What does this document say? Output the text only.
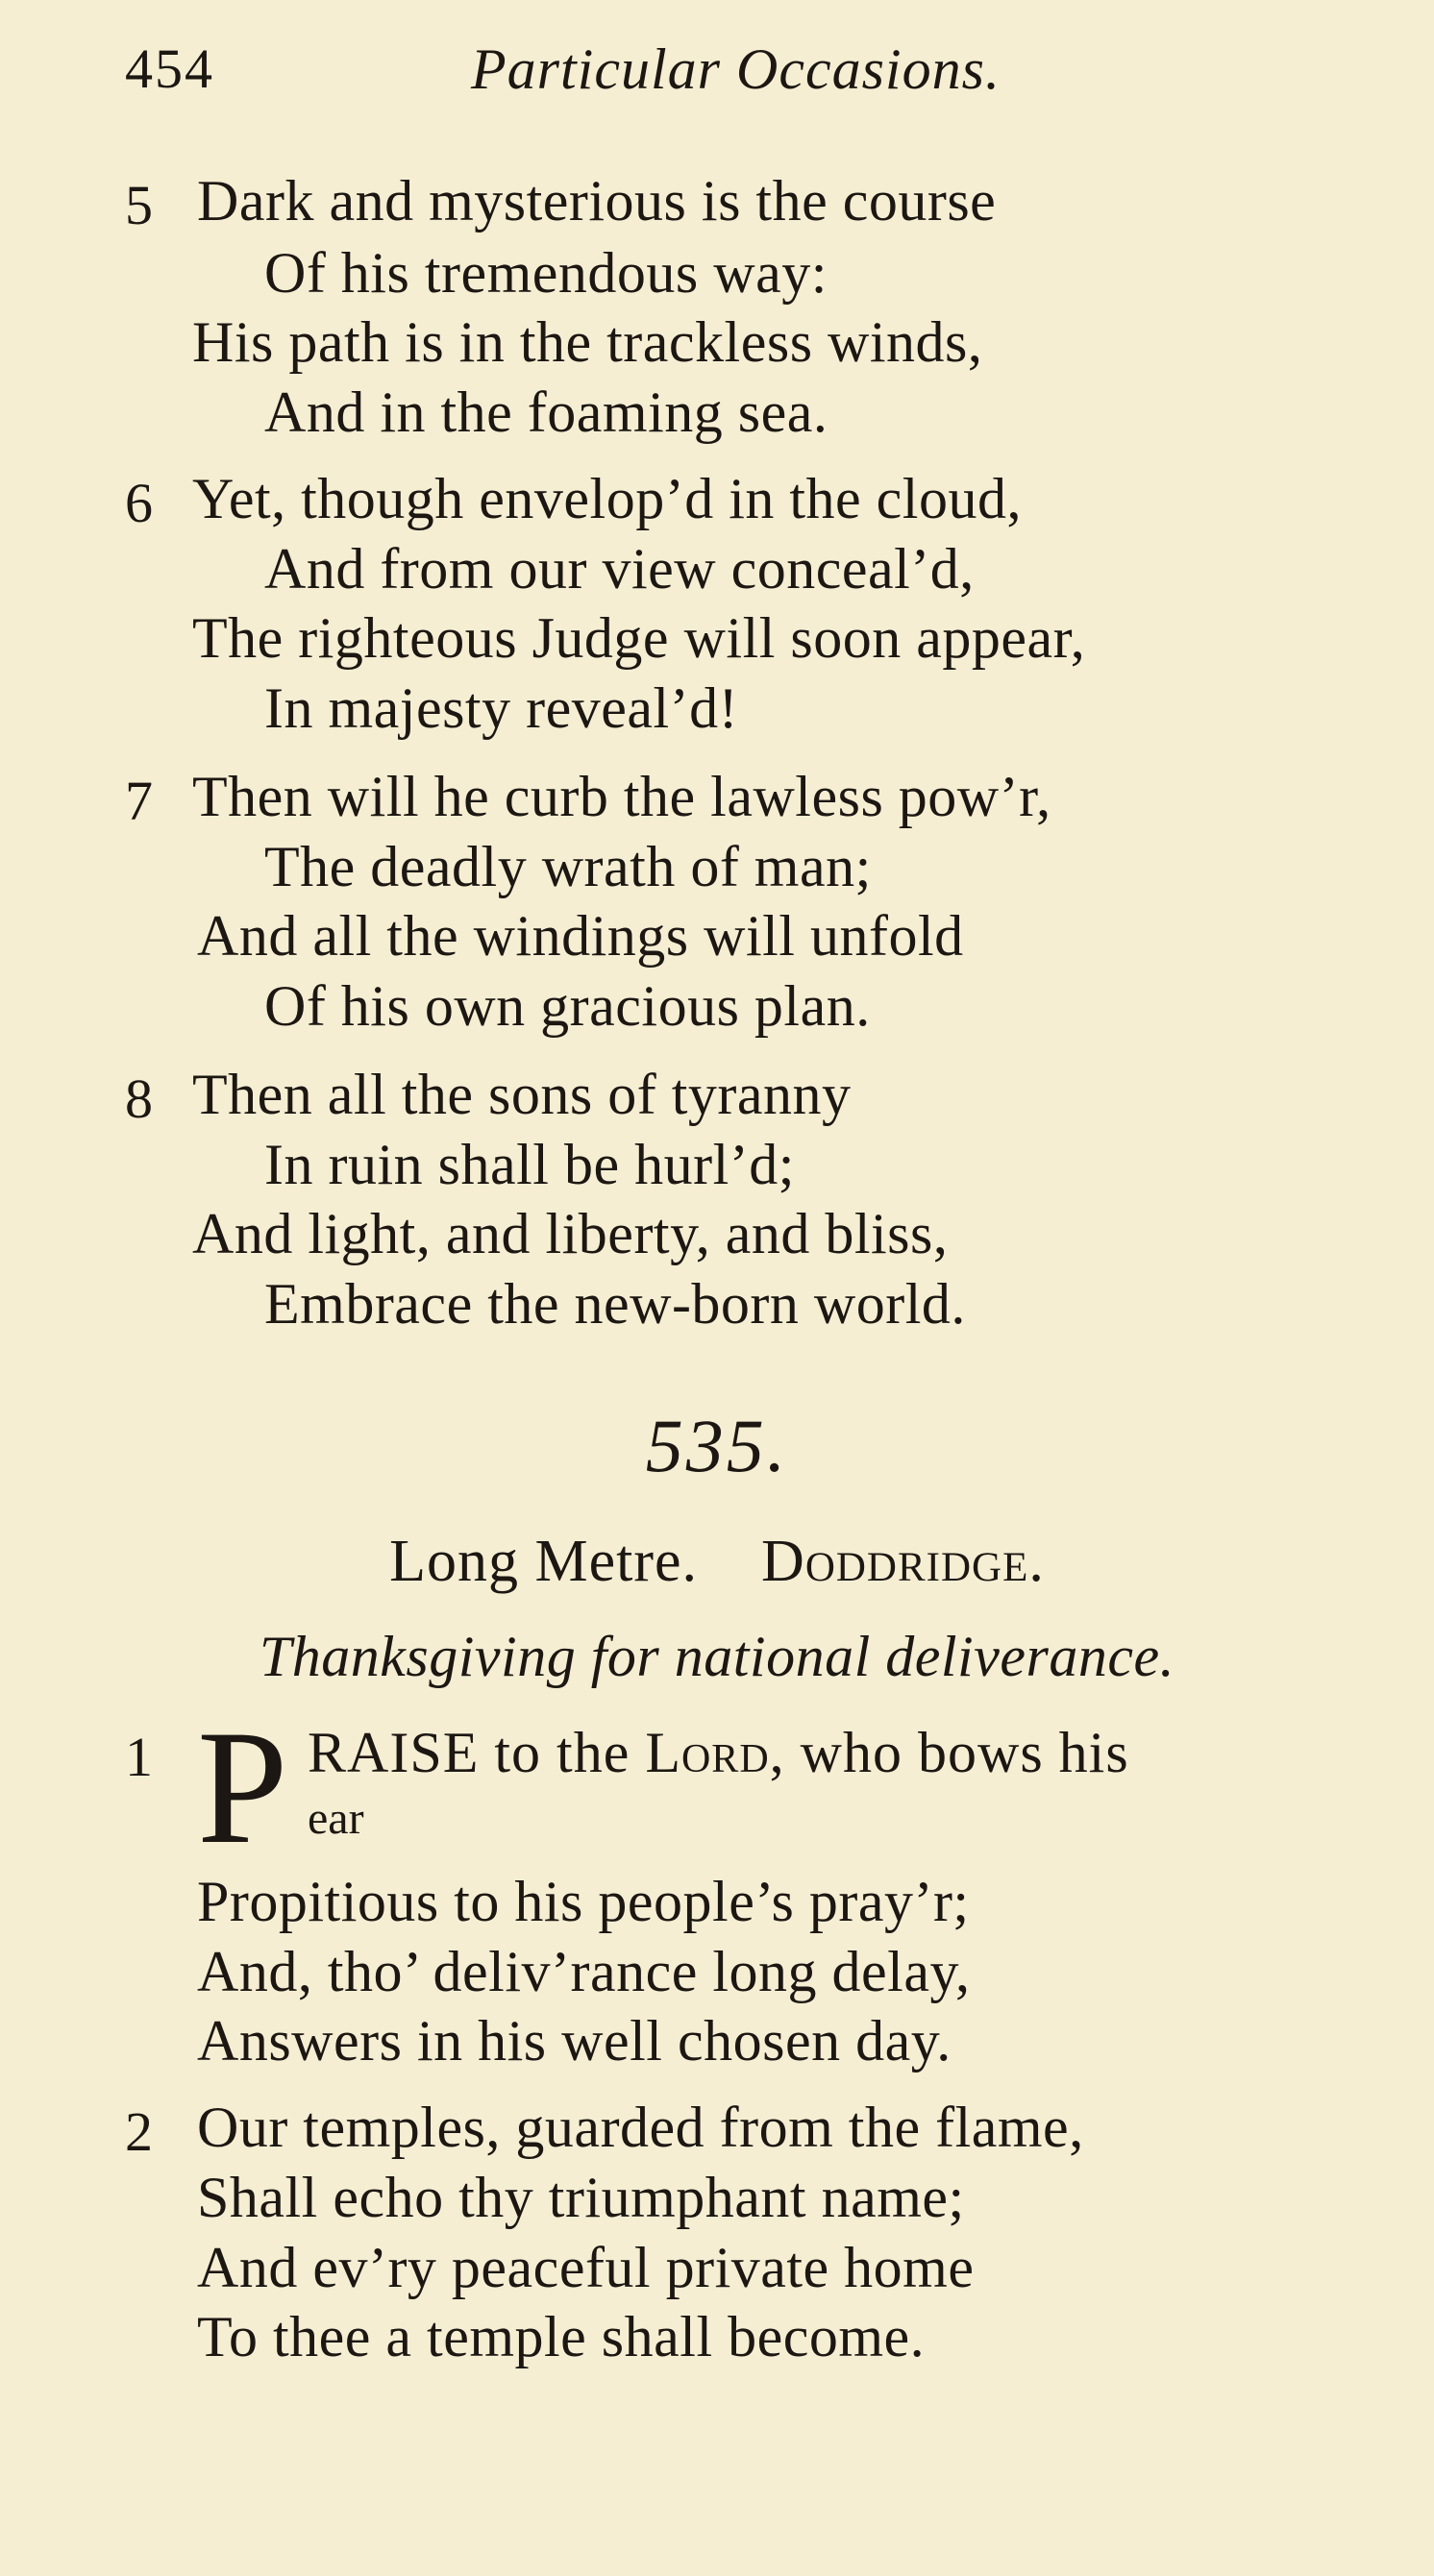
454	Particular Occasions.
5 Dark and mysterious is the course
Of his tremendous way:
His path is in the trackless winds,
And in the foaming sea.
6 Yet, though envelop’d in the cloud,
And from our view conceal’d,
The righteous Judge will soon appear,
In majesty reveal’d!
7 Then will he curb the lawless pow’r,
The deadly wrath of man;
And all the windings will unfold
Of his own gracious plan.
8 Then all the sons of tyranny
In ruin shall be hurl’d;
And light, and liberty, and bliss,
Embrace the new-born world.
535.
Long Metre. Doddridge.
Thanksgiving for national deliverance.
1 P RAISE to the Lord, who bows his
ear
Propitious to his people’s pray’r;
And, tho’ deliv’rance long delay,
Answers in his well chosen day.
2 Our temples, guarded from the flame,
Shall echo thy triumphant name;
And ev’ry peaceful private home
To thee a temple shall become.
